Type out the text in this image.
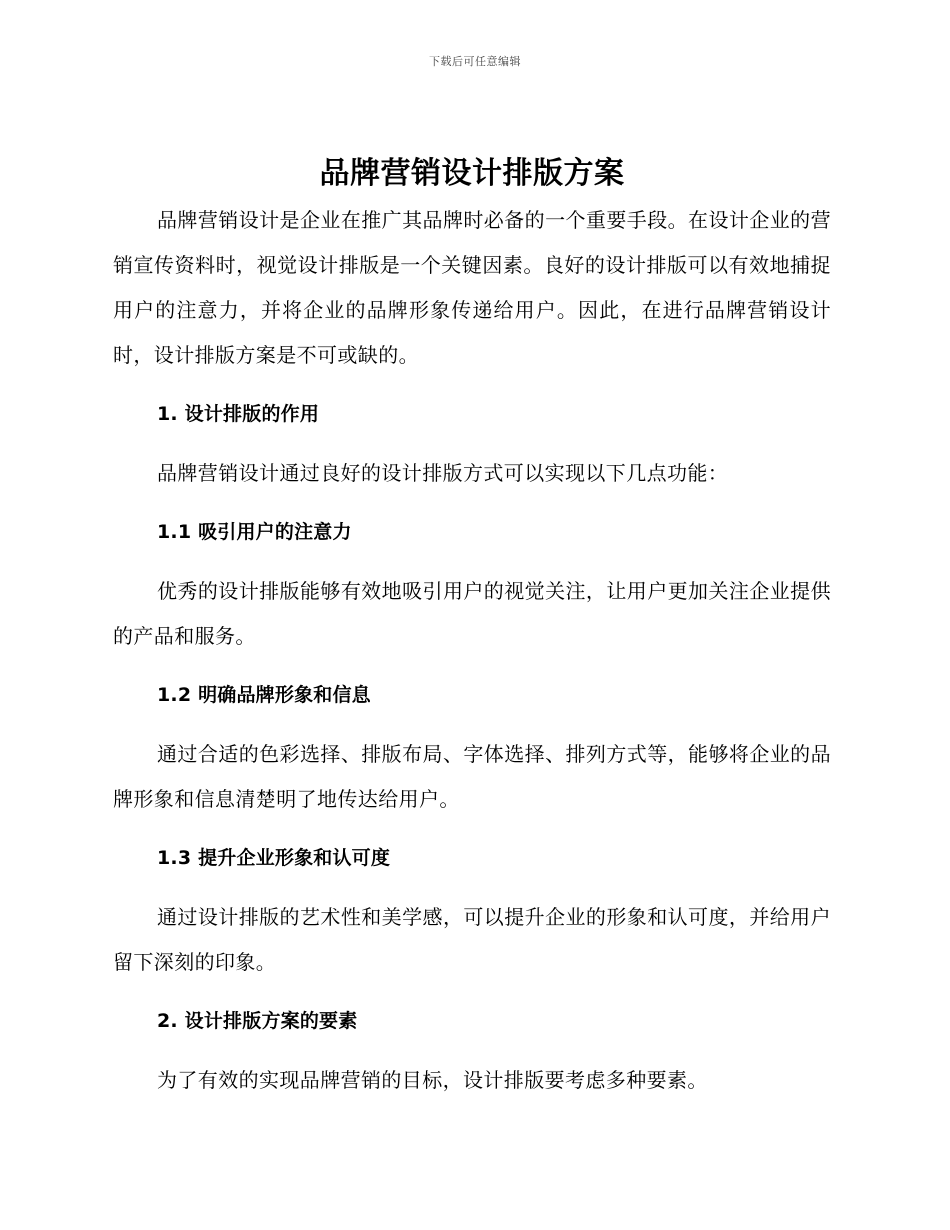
下载后可任意编辑
品牌营销设计排版方案

品牌营销设计是企业在推广其品牌时必备的一个重要手段。在设计企业的营销宣传资料时，视觉设计排版是一个关键因素。良好的设计排版可以有效地捕捉用户的注意力，并将企业的品牌形象传递给用户。因此，在进行品牌营销设计时，设计排版方案是不可或缺的。

1. 设计排版的作用

品牌营销设计通过良好的设计排版方式可以实现以下几点功能：

1.1 吸引用户的注意力

优秀的设计排版能够有效地吸引用户的视觉关注，让用户更加关注企业提供的产品和服务。

1.2 明确品牌形象和信息

通过合适的色彩选择、排版布局、字体选择、排列方式等，能够将企业的品牌形象和信息清楚明了地传达给用户。

1.3 提升企业形象和认可度

通过设计排版的艺术性和美学感，可以提升企业的形象和认可度，并给用户留下深刻的印象。

2. 设计排版方案的要素

为了有效的实现品牌营销的目标，设计排版要考虑多种要素。
